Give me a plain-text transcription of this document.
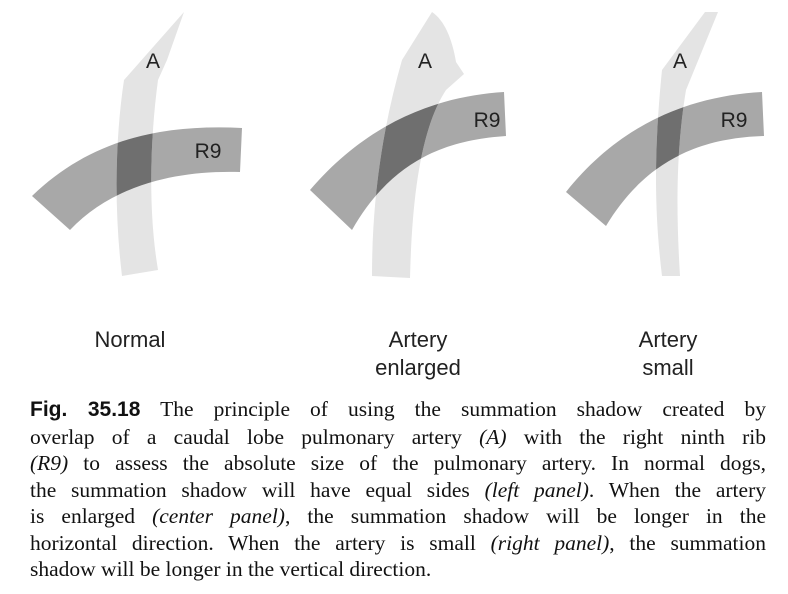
A
R9
A
R9
A
R9
Normal	Artery
enlarged
Artery
small
Fig. 35.18 The principle of using the summation shadow created by
overlap of a caudal lobe pulmonary artery (A) with the right ninth rib
(R9) to assess the absolute size of the pulmonary artery. In normal dogs,
the summation shadow will have equal sides (left panel). When the artery
is enlarged (center panel), the summation shadow will be longer in the
horizontal direction. When the artery is small (right panel), the summation
shadow will be longer in the vertical direction.
